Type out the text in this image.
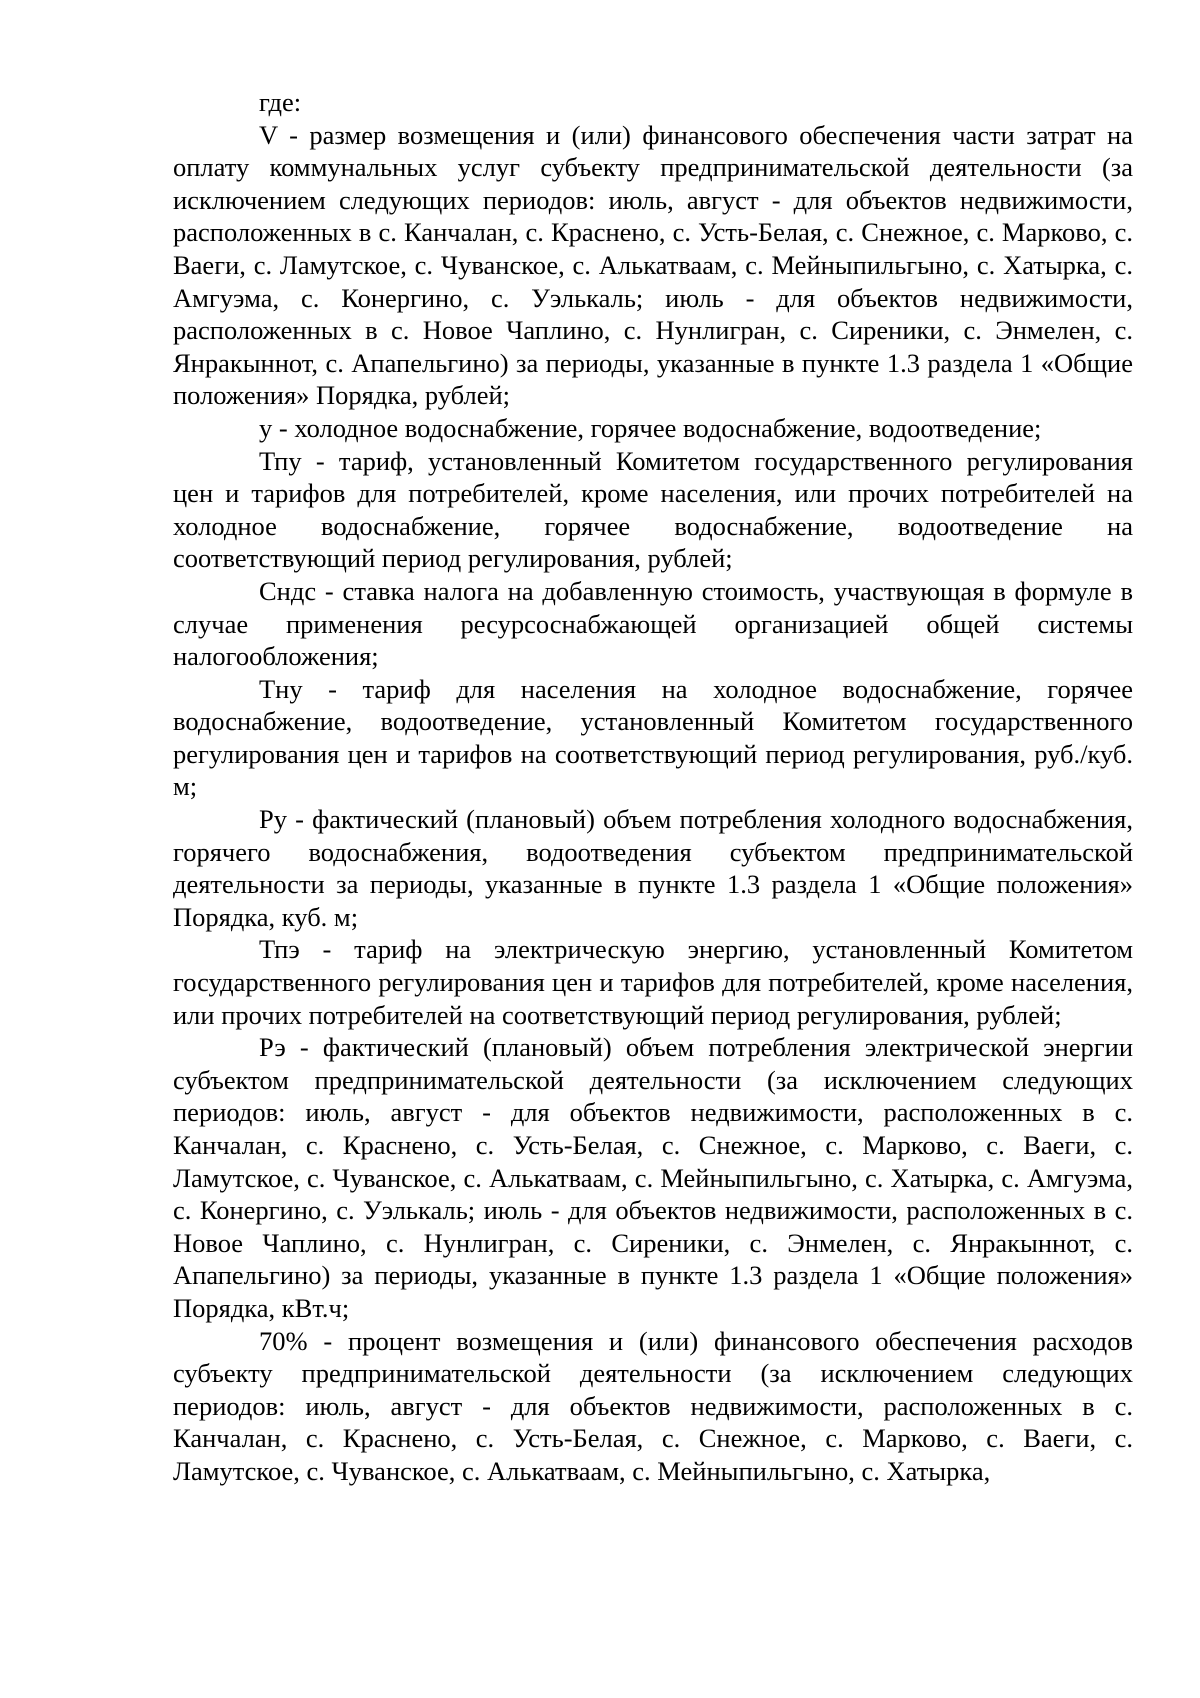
где:

V - размер возмещения и (или) финансового обеспечения части затрат на оплату коммунальных услуг субъекту предпринимательской деятельности (за исключением следующих периодов: июль, август - для объектов недвижимости, расположенных в с. Канчалан, с. Краснено, с. Усть-Белая, с. Снежное, с. Марково, с. Ваеги, с. Ламутское, с. Чуванское, с. Алькатваам, с. Мейныпильгыно, с. Хатырка, с. Амгуэма, с. Конергино, с. Уэлькаль; июль - для объектов недвижимости, расположенных в с. Новое Чаплино, с. Нунлигран, с. Сиреники, с. Энмелен, с. Янракыннот, с. Апапельгино) за периоды, указанные в пункте 1.3 раздела 1 «Общие положения» Порядка, рублей;

у - холодное водоснабжение, горячее водоснабжение, водоотведение;

Тпу - тариф, установленный Комитетом государственного регулирования цен и тарифов для потребителей, кроме населения, или прочих потребителей на холодное водоснабжение, горячее водоснабжение, водоотведение на соответствующий период регулирования, рублей;

Cндс - ставка налога на добавленную стоимость, участвующая в формуле в случае применения ресурсоснабжающей организацией общей системы налогообложения;

Тну - тариф для населения на холодное водоснабжение, горячее водоснабжение, водоотведение, установленный Комитетом государственного регулирования цен и тарифов на соответствующий период регулирования, руб./куб. м;

Ру - фактический (плановый) объем потребления холодного водоснабжения, горячего водоснабжения, водоотведения субъектом предпринимательской деятельности за периоды, указанные в пункте 1.3 раздела 1 «Общие положения» Порядка, куб. м;

Тпэ - тариф на электрическую энергию, установленный Комитетом государственного регулирования цен и тарифов для потребителей, кроме населения, или прочих потребителей на соответствующий период регулирования, рублей;

Рэ - фактический (плановый) объем потребления электрической энергии субъектом предпринимательской деятельности (за исключением следующих периодов: июль, август - для объектов недвижимости, расположенных в с. Канчалан, с. Краснено, с. Усть-Белая, с. Снежное, с. Марково, с. Ваеги, с. Ламутское, с. Чуванское, с. Алькатваам, с. Мейныпильгыно, с. Хатырка, с. Амгуэма, с. Конергино, с. Уэлькаль; июль - для объектов недвижимости, расположенных в с. Новое Чаплино, с. Нунлигран, с. Сиреники, с. Энмелен, с. Янракыннот, с. Апапельгино) за периоды, указанные в пункте 1.3 раздела 1 «Общие положения» Порядка, кВт.ч;

70% - процент возмещения и (или) финансового обеспечения расходов субъекту предпринимательской деятельности (за исключением следующих периодов: июль, август - для объектов недвижимости, расположенных в с. Канчалан, с. Краснено, с. Усть-Белая, с. Снежное, с. Марково, с. Ваеги, с. Ламутское, с. Чуванское, с. Алькатваам, с. Мейныпильгыно, с. Хатырка,
